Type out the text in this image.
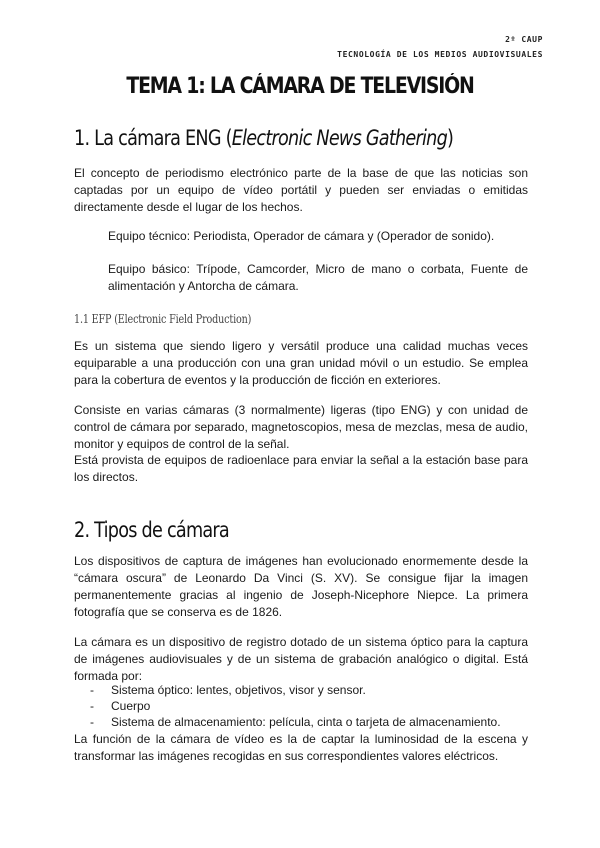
2º CAUP
TECNOLOGÍA DE LOS MEDIOS AUDIOVISUALES
TEMA 1: LA CÁMARA DE TELEVISIÓN
1. La cámara ENG (Electronic News Gathering)

El concepto de periodismo electrónico parte de la base de que las noticias son captadas por un equipo de vídeo portátil y pueden ser enviadas o emitidas directamente desde el lugar de los hechos.

Equipo técnico: Periodista, Operador de cámara y (Operador de sonido).

Equipo básico: Trípode, Camcorder, Micro de mano o corbata, Fuente de alimentación y Antorcha de cámara.

1.1 EFP (Electronic Field Production)

Es un sistema que siendo ligero y versátil produce una calidad muchas veces equiparable a una producción con una gran unidad móvil o un estudio. Se emplea para la cobertura de eventos y la producción de ficción en exteriores.

Consiste en varias cámaras (3 normalmente) ligeras (tipo ENG) y con unidad de control de cámara por separado, magnetoscopios, mesa de mezclas, mesa de audio, monitor y equipos de control de la señal.

Está provista de equipos de radioenlace para enviar la señal a la estación base para los directos.

2. Tipos de cámara

Los dispositivos de captura de imágenes han evolucionado enormemente desde la “cámara oscura” de Leonardo Da Vinci (S. XV). Se consigue fijar la imagen permanentemente gracias al ingenio de Joseph-Nicephore Niepce. La primera fotografía que se conserva es de 1826.

La cámara es un dispositivo de registro dotado de un sistema óptico para la captura de imágenes audiovisuales y de un sistema de grabación analógico o digital. Está formada por:

- Sistema óptico: lentes, objetivos, visor y sensor.
- Cuerpo
- Sistema de almacenamiento: película, cinta o tarjeta de almacenamiento.

La función de la cámara de vídeo es la de captar la luminosidad de la escena y transformar las imágenes recogidas en sus correspondientes valores eléctricos.
